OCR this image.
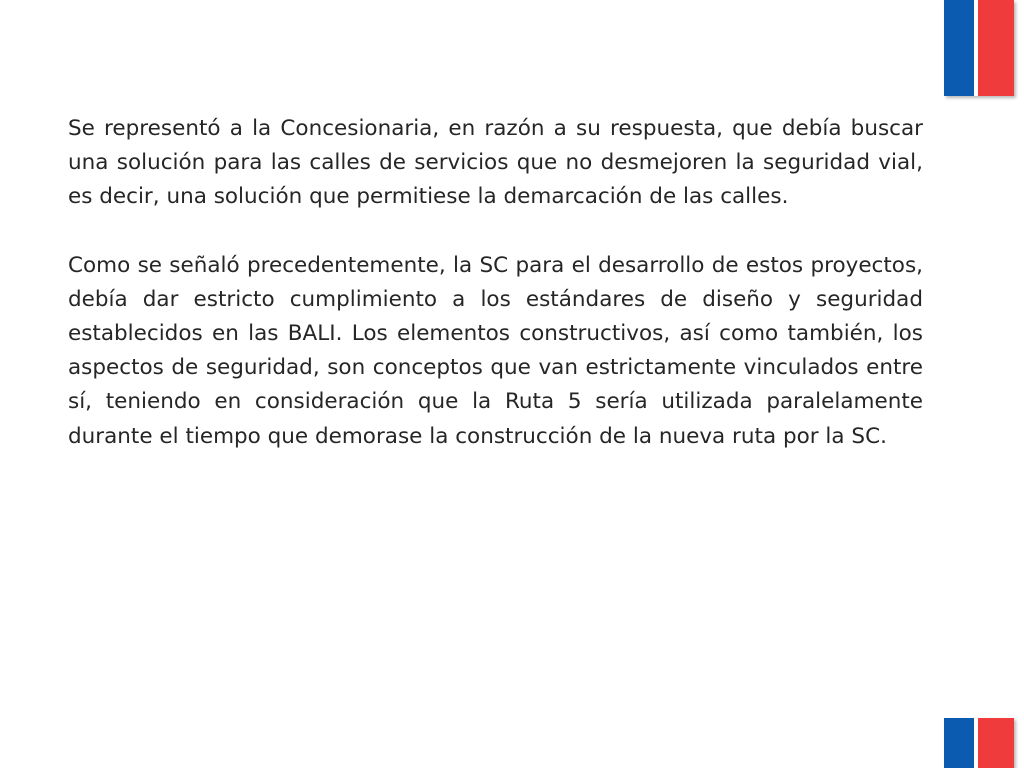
Se representó a la Concesionaria, en razón a su respuesta, que debía buscar una solución para las calles de servicios que no desmejoren la seguridad vial, es decir, una solución que permitiese la demarcación de las calles.

Como se señaló precedentemente, la SC para el desarrollo de estos proyectos, debía dar estricto cumplimiento a los estándares de diseño y seguridad establecidos en las BALI. Los elementos constructivos, así como también, los aspectos de seguridad, son conceptos que van estrictamente vinculados entre sí, teniendo en consideración que la Ruta 5 sería utilizada paralelamente durante el tiempo que demorase la construcción de la nueva ruta por la SC.
